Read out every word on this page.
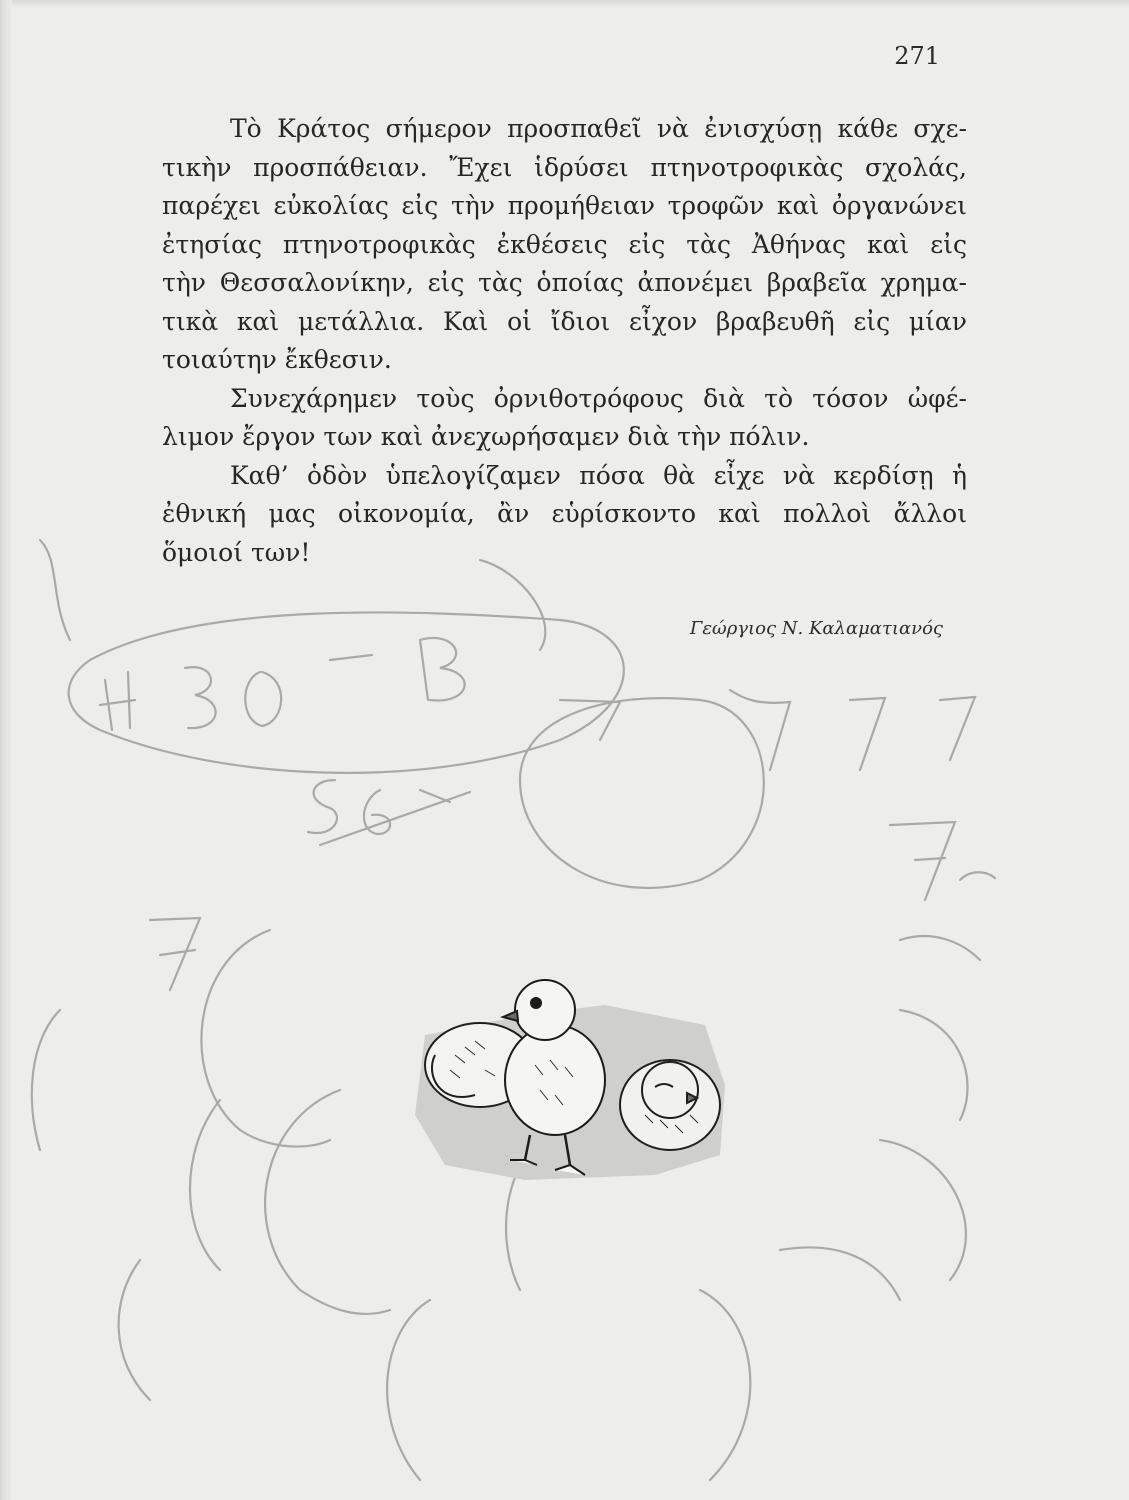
271
Τὸ Κράτος σήμερον προσπαθεῖ νὰ ἐνισχύσῃ κάθε σχε-
τικὴν προσπάθειαν. Ἔχει ἱδρύσει πτηνοτροφικὰς σχολάς,
παρέχει εὐκολίας εἰς τὴν προμήθειαν τροφῶν καὶ ὀργανώνει
ἐτησίας πτηνοτροφικὰς ἐκθέσεις εἰς τὰς Ἀθήνας καὶ εἰς
τὴν Θεσσαλονίκην, εἰς τὰς ὁποίας ἀπονέμει βραβεῖα χρημα-
τικὰ καὶ μετάλλια. Καὶ οἱ ἴδιοι εἶχον βραβευθῆ εἰς μίαν
τοιαύτην ἔκθεσιν.
Συνεχάρημεν τοὺς ὀρνιθοτρόφους διὰ τὸ τόσον ὠφέ-
λιμον ἔργον των καὶ ἀνεχωρήσαμεν διὰ τὴν πόλιν.
Καθ’ ὁδὸν ὑπελογίζαμεν πόσα θὰ εἶχε νὰ κερδίσῃ ἡ
ἐθνική μας οἰκονομία, ἂν εὑρίσκοντο καὶ πολλοὶ ἄλλοι
ὅμοιοί των!
Γεώργιος Ν. Καλαματιανός
